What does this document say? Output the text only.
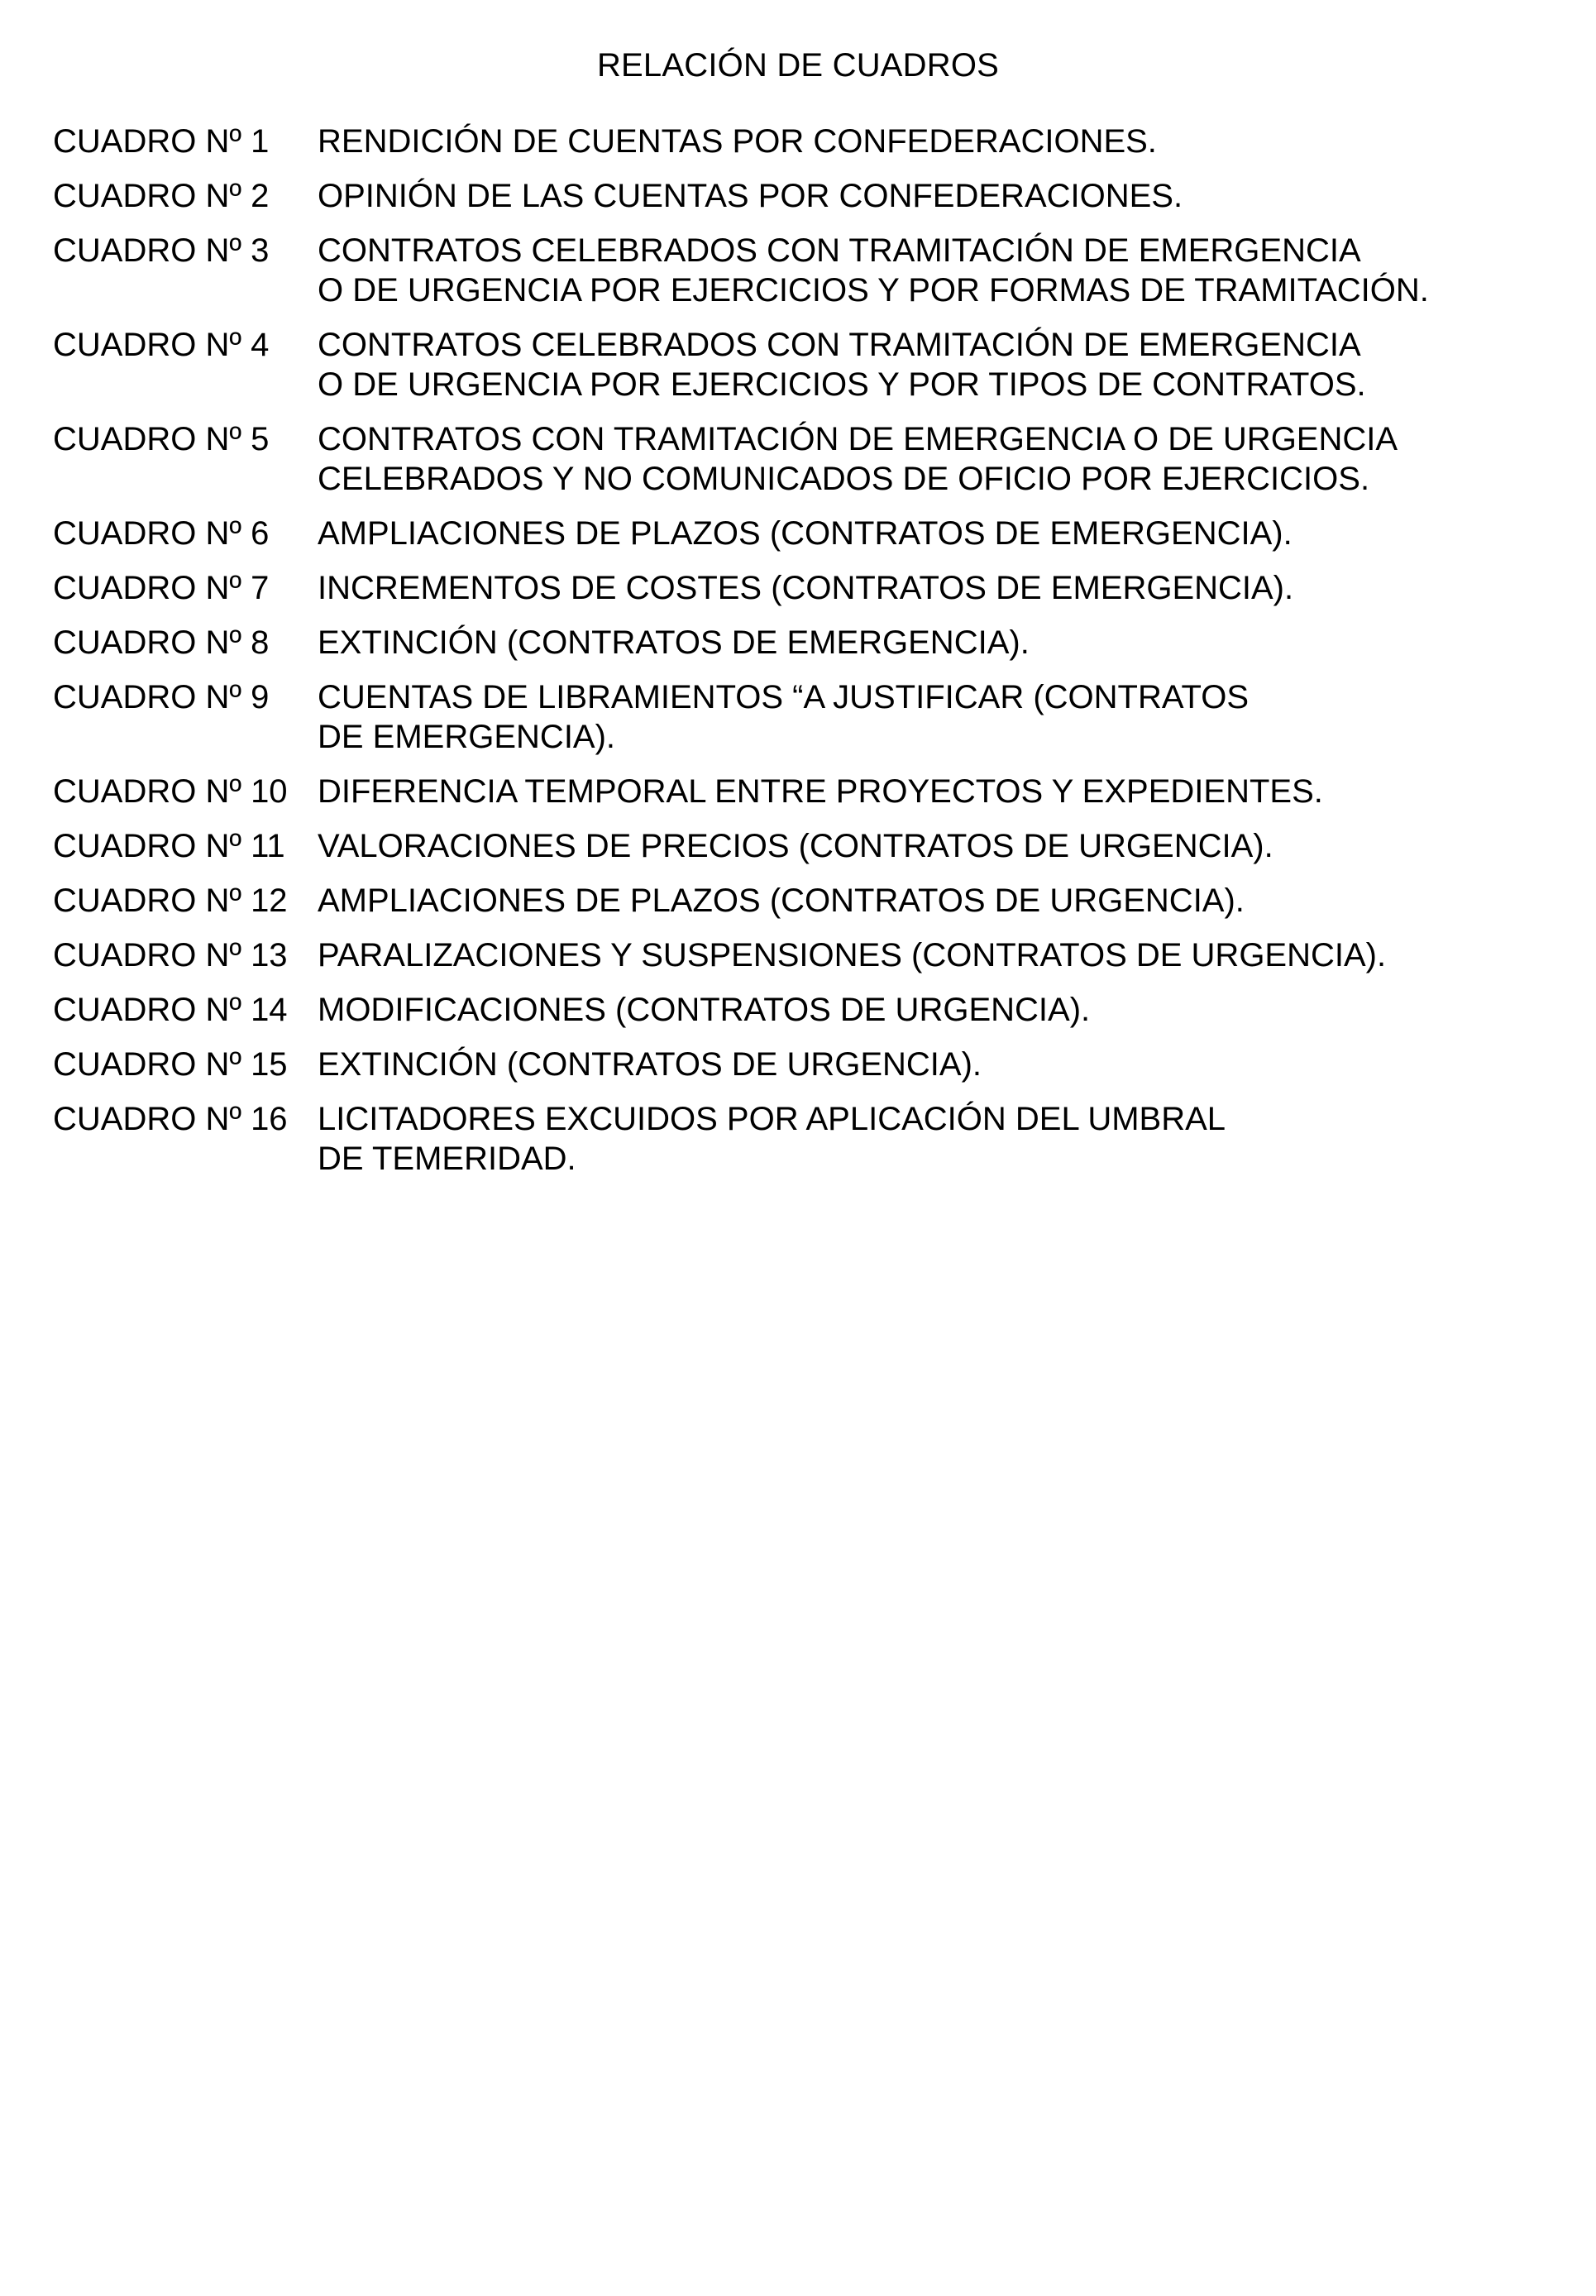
RELACIÓN DE CUADROS
CUADRO Nº 1	RENDICIÓN DE CUENTAS POR CONFEDERACIONES.
CUADRO Nº 2	OPINIÓN DE LAS CUENTAS POR CONFEDERACIONES.
CUADRO Nº 3	CONTRATOS CELEBRADOS CON TRAMITACIÓN DE EMERGENCIA
O DE URGENCIA POR EJERCICIOS Y POR FORMAS DE TRAMITACIÓN.
CUADRO Nº 4	CONTRATOS CELEBRADOS CON TRAMITACIÓN DE EMERGENCIA
O DE URGENCIA POR EJERCICIOS Y POR TIPOS DE CONTRATOS.
CUADRO Nº 5	CONTRATOS CON TRAMITACIÓN DE EMERGENCIA O DE URGENCIA
CELEBRADOS Y NO COMUNICADOS DE OFICIO POR EJERCICIOS.
CUADRO Nº 6	AMPLIACIONES DE PLAZOS (CONTRATOS DE EMERGENCIA).
CUADRO Nº 7	INCREMENTOS DE COSTES (CONTRATOS DE EMERGENCIA).
CUADRO Nº 8	EXTINCIÓN (CONTRATOS DE EMERGENCIA).
CUADRO Nº 9	CUENTAS DE LIBRAMIENTOS “A JUSTIFICAR (CONTRATOS
DE EMERGENCIA).
CUADRO Nº 10 DIFERENCIA TEMPORAL ENTRE PROYECTOS Y EXPEDIENTES.
CUADRO Nº 11 VALORACIONES DE PRECIOS (CONTRATOS DE URGENCIA).
CUADRO Nº 12 AMPLIACIONES DE PLAZOS (CONTRATOS DE URGENCIA).
CUADRO Nº 13 PARALIZACIONES Y SUSPENSIONES (CONTRATOS DE URGENCIA).
CUADRO Nº 14 MODIFICACIONES (CONTRATOS DE URGENCIA).
CUADRO Nº 15 EXTINCIÓN (CONTRATOS DE URGENCIA).
CUADRO Nº 16 LICITADORES EXCUIDOS POR APLICACIÓN DEL UMBRAL
DE TEMERIDAD.
